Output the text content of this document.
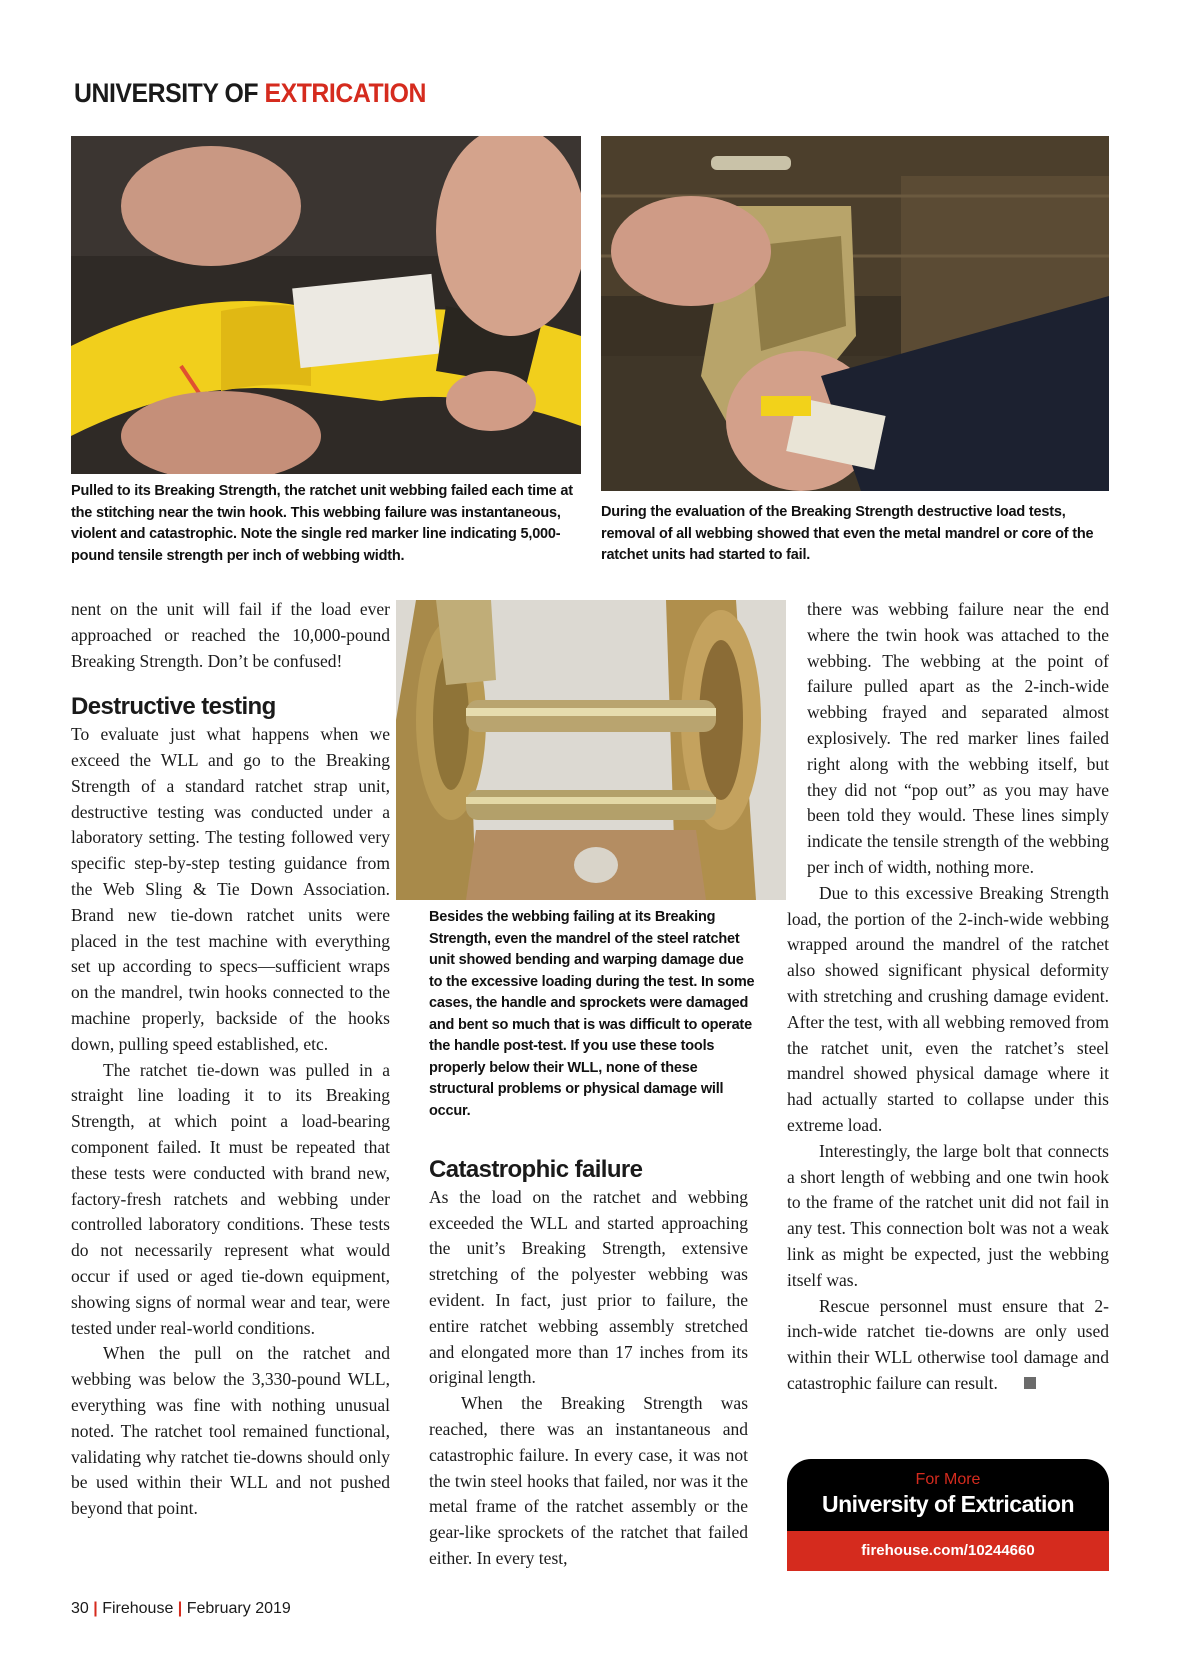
UNIVERSITY OF EXTRICATION
Pulled to its Breaking Strength, the ratchet unit webbing failed each time at the stitching near the twin hook. This webbing failure was instantaneous, violent and catastrophic. Note the single red marker line indicating 5,000-pound tensile strength per inch of webbing width.
During the evaluation of the Breaking Strength destructive load tests, removal of all webbing showed that even the metal mandrel or core of the ratchet units had started to fail.

nent on the unit will fail if the load ever approached or reached the 10,000-pound Breaking Strength. Don’t be confused!

Destructive testing

To evaluate just what happens when we exceed the WLL and go to the Breaking Strength of a standard ratchet strap unit, destructive testing was conducted under a laboratory setting. The testing followed very specific step-by-step testing guidance from the Web Sling & Tie Down Association. Brand new tie-down ratchet units were placed in the test machine with everything set up according to specs—sufficient wraps on the mandrel, twin hooks connected to the machine properly, backside of the hooks down, pulling speed established, etc.

The ratchet tie-down was pulled in a straight line loading it to its Breaking Strength, at which point a load-bearing component failed. It must be repeated that these tests were conducted with brand new, factory-fresh ratchets and webbing under controlled laboratory conditions. These tests do not necessarily represent what would occur if used or aged tie-down equipment, showing signs of normal wear and tear, were tested under real-world conditions.

When the pull on the ratchet and webbing was below the 3,330-pound WLL, everything was fine with nothing unusual noted. The ratchet tool remained functional, validating why ratchet tie-downs should only be used within their WLL and not pushed beyond that point.

Besides the webbing failing at its Breaking Strength, even the mandrel of the steel ratchet unit showed bending and warping damage due to the excessive loading during the test. In some cases, the handle and sprockets were damaged and bent so much that is was difficult to operate the handle post-test. If you use these tools properly below their WLL, none of these structural problems or physical damage will occur.
Catastrophic failure

As the load on the ratchet and webbing exceeded the WLL and started approaching the unit’s Breaking Strength, extensive stretching of the polyester webbing was evident. In fact, just prior to failure, the entire ratchet webbing assembly stretched and elongated more than 17 inches from its original length.

When the Breaking Strength was reached, there was an instantaneous and catastrophic failure. In every case, it was not the twin steel hooks that failed, nor was it the metal frame of the ratchet assembly or the gear-like sprockets of the ratchet that failed either. In every test,

there was webbing failure near the end where the twin hook was attached to the webbing. The webbing at the point of failure pulled apart as the 2-inch-wide webbing frayed and separated almost explosively. The red marker lines failed right along with the webbing itself, but they did not “pop out” as you may have been told they would. These lines simply indicate the tensile strength of the webbing per inch of width, nothing more.

Due to this excessive Breaking Strength load, the portion of the 2-inch-wide webbing wrapped around the mandrel of the ratchet also showed significant physical deformity with stretching and crushing damage evident. After the test, with all webbing removed from the ratchet unit, even the ratchet’s steel mandrel showed physical damage where it had actually started to collapse under this extreme load.

Interestingly, the large bolt that connects a short length of webbing and one twin hook to the frame of the ratchet unit did not fail in any test. This connection bolt was not a weak link as might be expected, just the webbing itself was.

Rescue personnel must ensure that 2-inch-wide ratchet tie-downs are only used within their WLL otherwise tool damage and catastrophic failure can result.

For More
University of Extrication
firehouse.com/10244660
30 | Firehouse | February 2019
